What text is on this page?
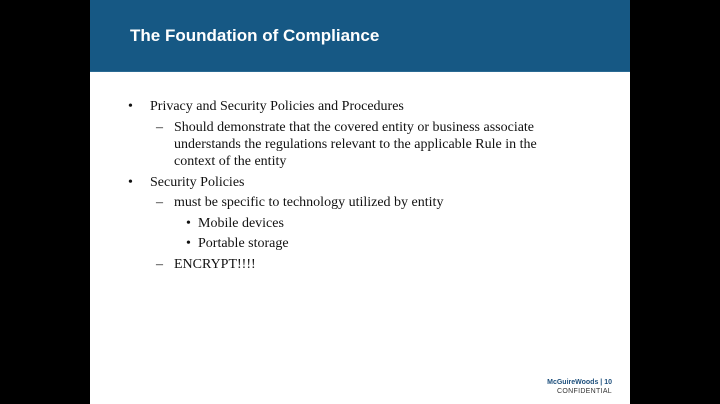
The Foundation of Compliance
• Privacy and Security Policies and Procedures
– Should demonstrate that the covered entity or business associate
understands the regulations relevant to the applicable Rule in the
context of the entity
• Security Policies
– must be specific to technology utilized by entity
• Mobile devices
• Portable storage
– ENCRYPT!!!!
McGuireWoods | 10
CONFIDENTIAL
